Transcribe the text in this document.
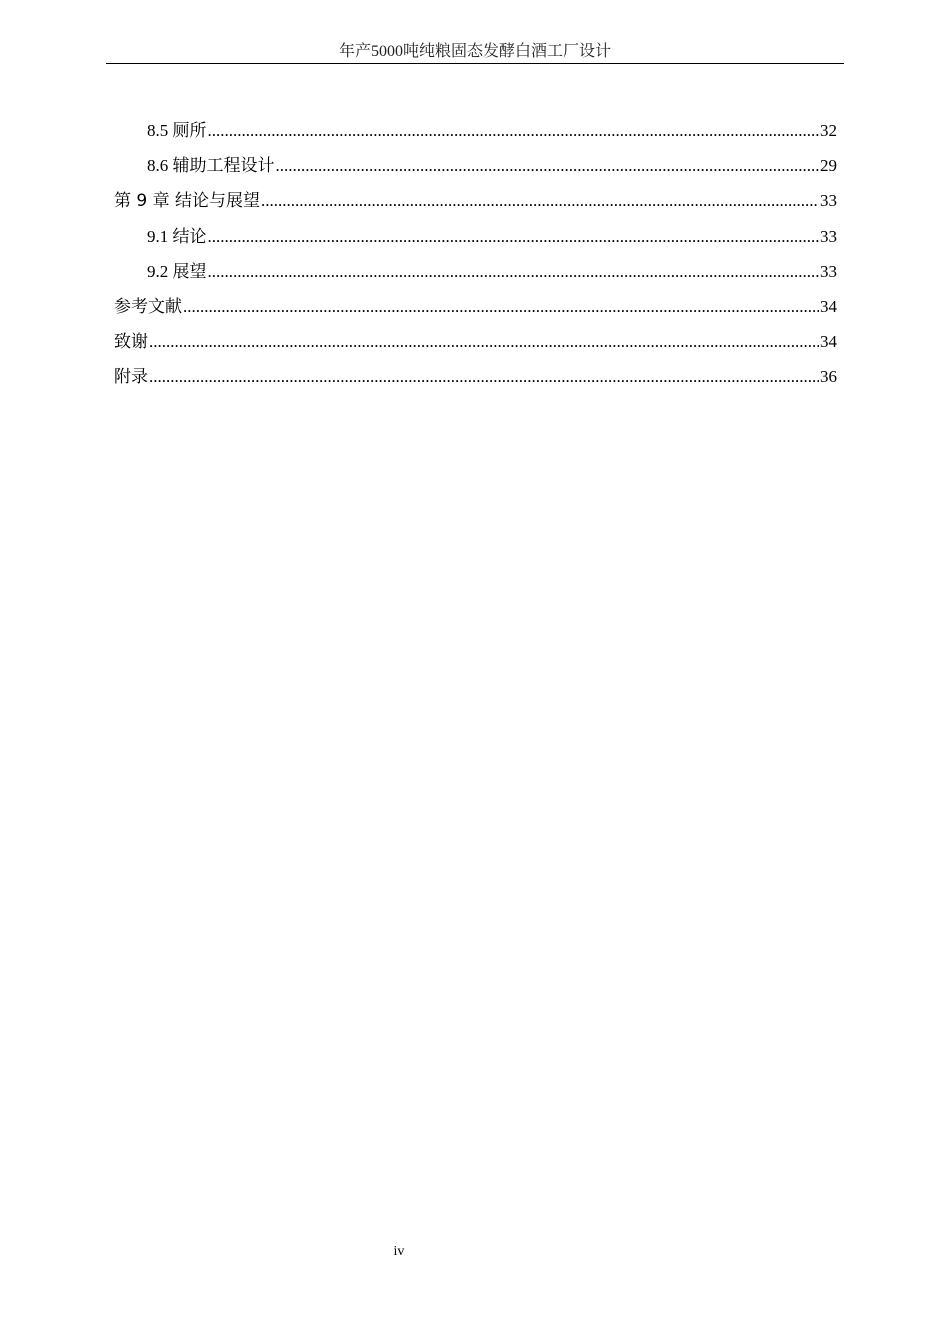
年产5000吨纯粮固态发酵白酒工厂设计
8.5 厕所 .....	32
8.6 辅助工程设计 .....	29
第 9 章 结论与展望 .....	33
9.1 结论 .....	33
9.2 展望 .....	33
参考文献 .....	34
致谢 .....	34
附录 .....	36
iv
